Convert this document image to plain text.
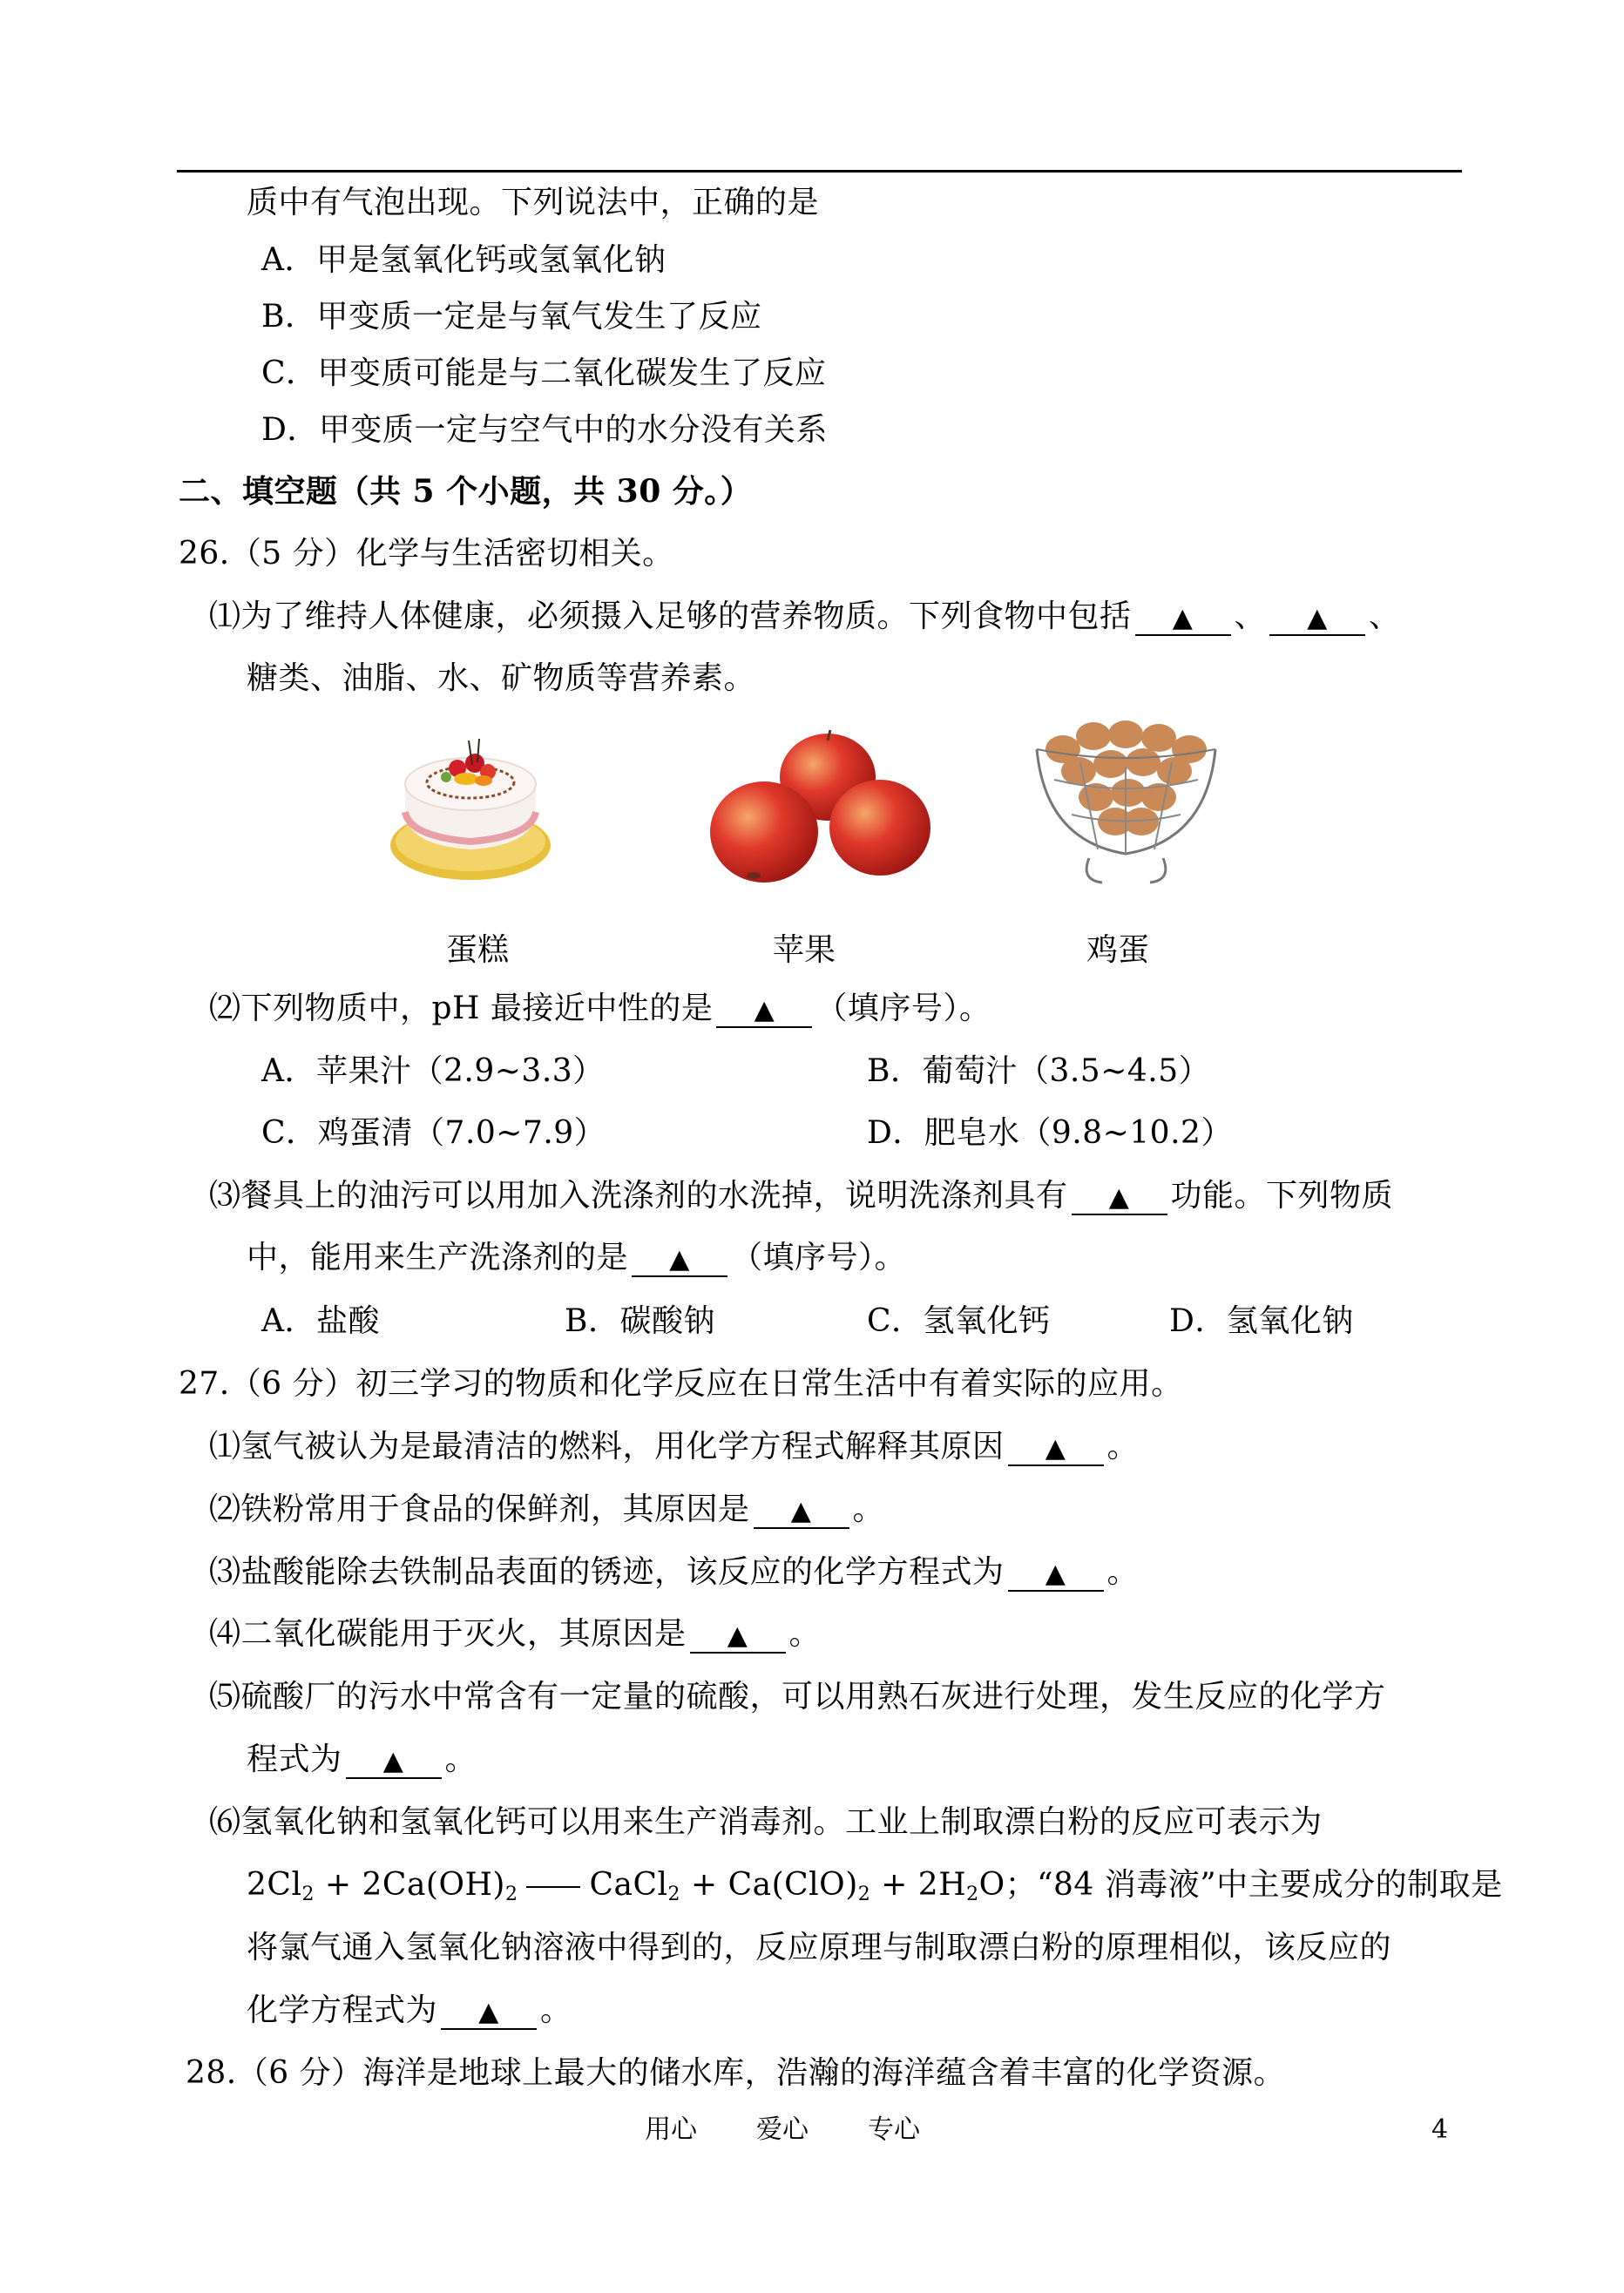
质中有气泡出现。下列说法中，正确的是
A．甲是氢氧化钙或氢氧化钠
B．甲变质一定是与氧气发生了反应
C．甲变质可能是与二氧化碳发生了反应
D．甲变质一定与空气中的水分没有关系
二、填空题（共 5 个小题，共 30 分。）
26.（5 分）化学与生活密切相关。
⑴为了维持人体健康，必须摄入足够的营养物质。下列食物中包括 ▲ 、 ▲ 、
糖类、油脂、水、矿物质等营养素。
蛋糕	苹果	鸡蛋
⑵下列物质中，pH 最接近中性的是 ▲ （填序号）。
A．苹果汁（2.9~3.3）	B．葡萄汁（3.5~4.5）
C．鸡蛋清（7.0~7.9）	D．肥皂水（9.8~10.2）
⑶餐具上的油污可以用加入洗涤剂的水洗掉，说明洗涤剂具有 ▲ 功能。下列物质
中，能用来生产洗涤剂的是 ▲ （填序号）。
A．盐酸	B．碳酸钠	C．氢氧化钙	D．氢氧化钠
27.（6 分）初三学习的物质和化学反应在日常生活中有着实际的应用。
⑴氢气被认为是最清洁的燃料，用化学方程式解释其原因 ▲ 。
⑵铁粉常用于食品的保鲜剂，其原因是 ▲ 。
⑶盐酸能除去铁制品表面的锈迹，该反应的化学方程式为 ▲ 。
⑷二氧化碳能用于灭火，其原因是 ▲ 。
⑸硫酸厂的污水中常含有一定量的硫酸，可以用熟石灰进行处理，发生反应的化学方
程式为 ▲ 。
⑹氢氧化钠和氢氧化钙可以用来生产消毒剂。工业上制取漂白粉的反应可表示为
$2Cl_2 + 2Ca(OH)_2$ CaCl$_2$ + $Ca(ClO)_2 + 2H_2O$；“84 消毒液”中主要成分的制取是
将氯气通入氢氧化钠溶液中得到的，反应原理与制取漂白粉的原理相似，该反应的
化学方程式为 ▲ 。
28.（6 分）海洋是地球上最大的储水库，浩瀚的海洋蕴含着丰富的化学资源。
用心 爱心 专心	4
